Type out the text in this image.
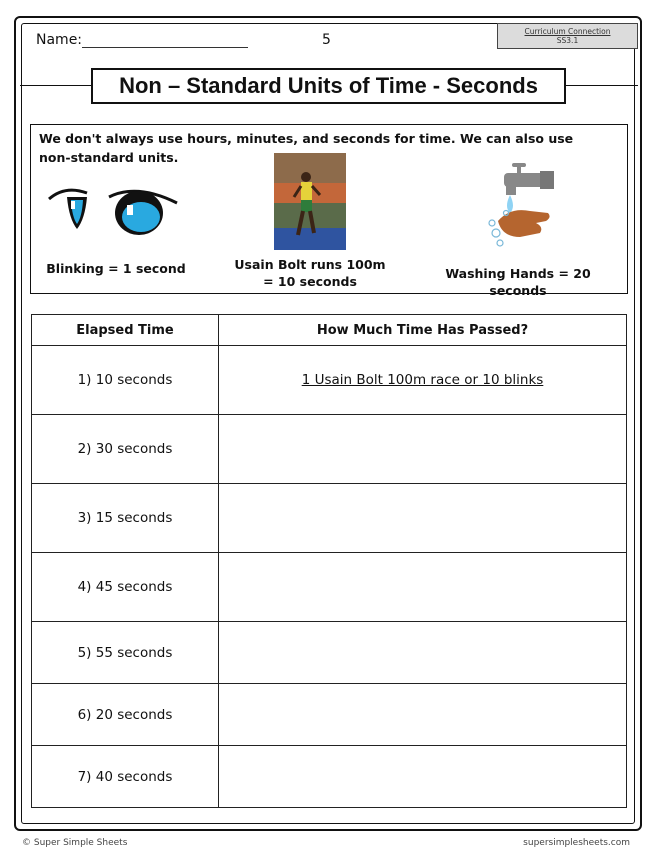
Name:	5
Curriculum Connection
SS3.1
Non – Standard Units of Time - Seconds
We don't always use hours, minutes, and seconds for time. We can also use non-standard units.
Blinking = 1 second	Usain Bolt runs 100m
= 10 seconds
Washing Hands = 20 seconds
Elapsed Time	How Much Time Has Passed?
1) 10 seconds	1 Usain Bolt 100m race or 10 blinks
2) 30 seconds	
3) 15 seconds	
4) 45 seconds	
5) 55 seconds	
6) 20 seconds	
7) 40 seconds	
© Super Simple Sheets	supersimplesheets.com
